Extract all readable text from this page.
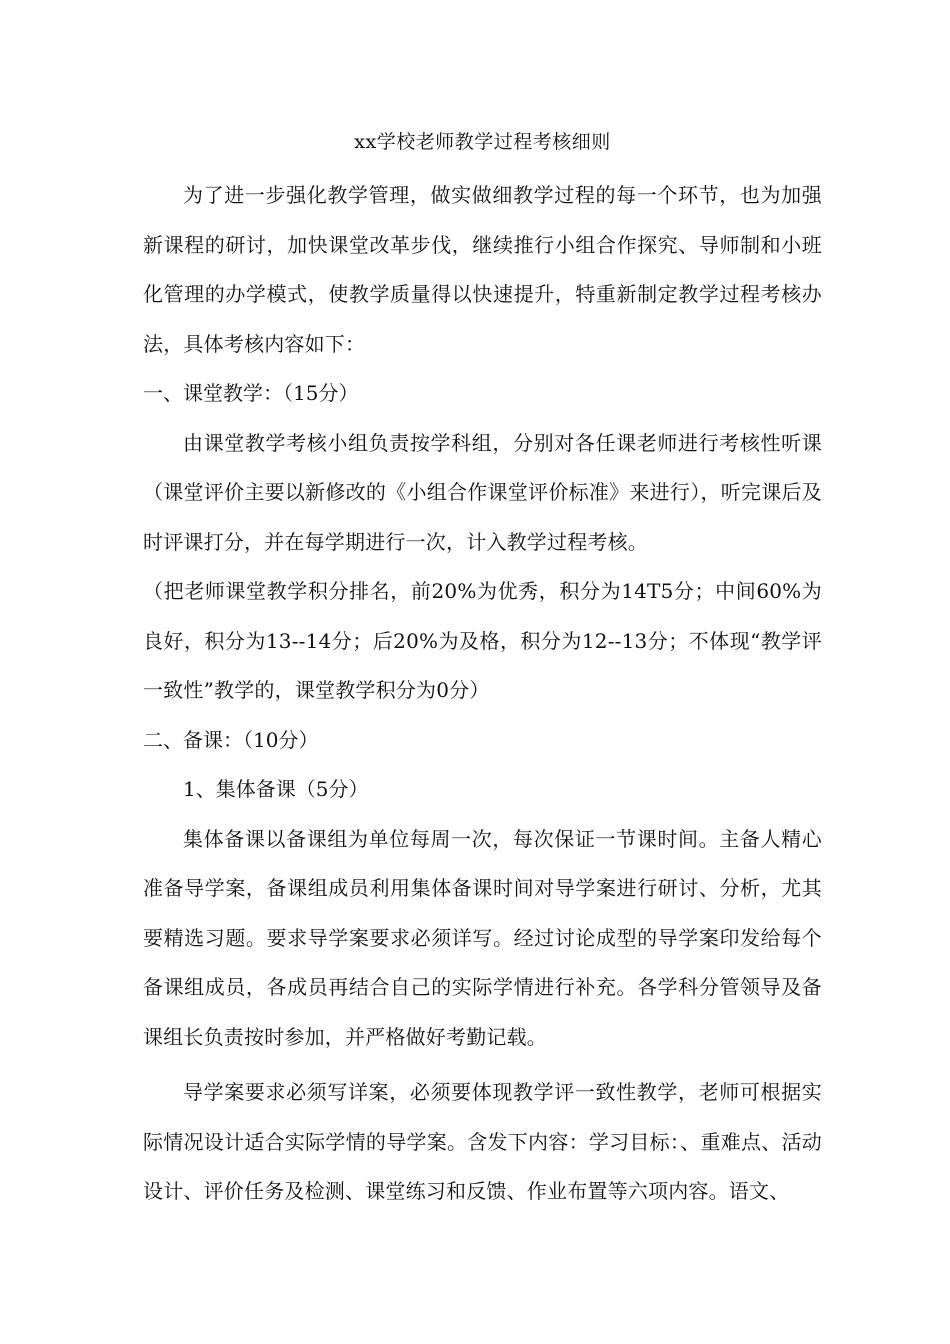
xx学校老师教学过程考核细则

为了进一步强化教学管理，做实做细教学过程的每一个环节，也为加强新课程的研讨，加快课堂改革步伐，继续推行小组合作探究、导师制和小班化管理的办学模式，使教学质量得以快速提升，特重新制定教学过程考核办法，具体考核内容如下：

一、课堂教学：（15分）

由课堂教学考核小组负责按学科组，分别对各任课老师进行考核性听课（课堂评价主要以新修改的《小组合作课堂评价标准》来进行），听完课后及时评课打分，并在每学期进行一次，计入教学过程考核。

（把老师课堂教学积分排名，前20%为优秀，积分为14T5分；中间60%为良好，积分为13--14分；后20%为及格，积分为12--13分；不体现“教学评一致性”教学的，课堂教学积分为0分）

二、备课：（10分）

1、集体备课（5分）

集体备课以备课组为单位每周一次，每次保证一节课时间。主备人精心准备导学案，备课组成员利用集体备课时间对导学案进行研讨、分析，尤其要精选习题。要求导学案要求必须详写。经过讨论成型的导学案印发给每个备课组成员，各成员再结合自己的实际学情进行补充。各学科分管领导及备课组长负责按时参加，并严格做好考勤记载。

导学案要求必须写详案，必须要体现教学评一致性教学，老师可根据实际情况设计适合实际学情的导学案。含发下内容：学习目标：、重难点、活动设计、评价任务及检测、课堂练习和反馈、作业布置等六项内容。语文、
